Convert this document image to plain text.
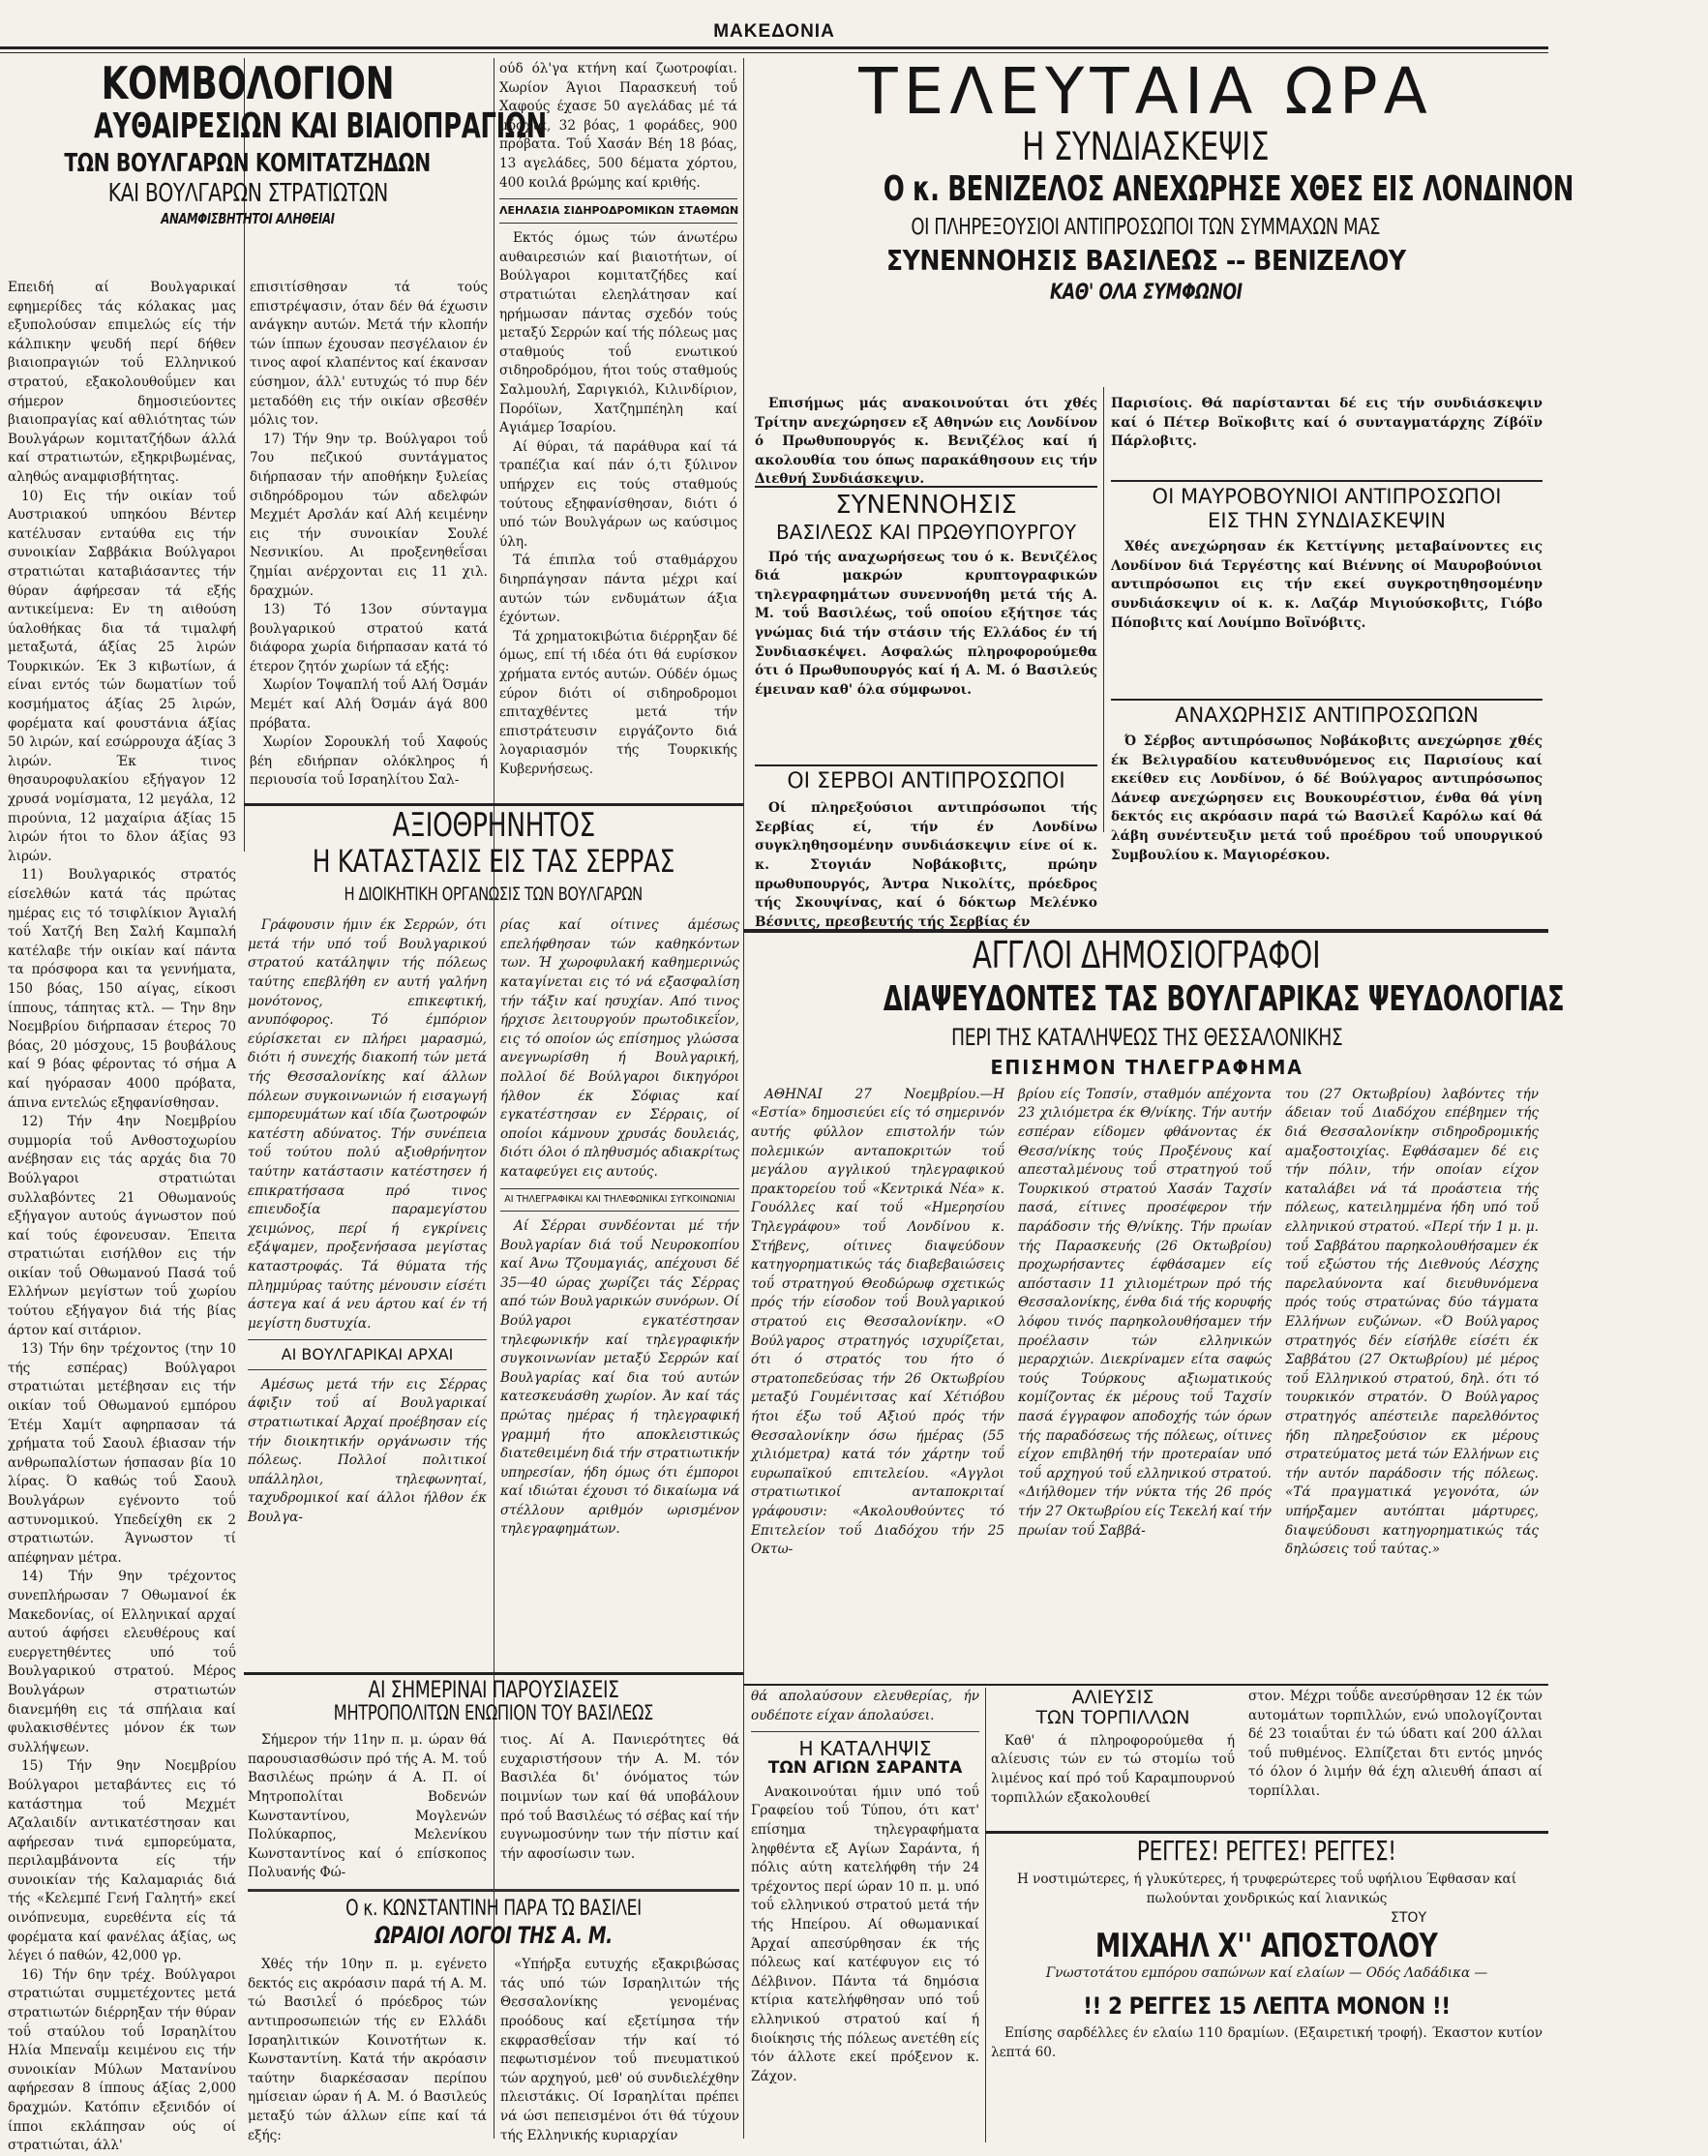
ΜΑΚΕΔΟΝΙΑ
ΚΟΜΒΟΛΟΓΙΟΝ
ΑΥΘΑΙΡΕΣΙΩΝ ΚΑΙ ΒΙΑΙΟΠΡΑΓΙΩΝ
ΤΩΝ ΒΟΥΛΓΑΡΩΝ ΚΟΜΙΤΑΤΖΗΔΩΝ
ΚΑΙ ΒΟΥΛΓΑΡΩΝ ΣΤΡΑΤΙΩΤΩΝ
ΑΝΑΜΦΙΣΒΗΤΗΤΟΙ ΑΛΗΘΕΙΑΙ

Επειδή αί Βουλγαρικαί εφημερίδες τάς κόλακας μας εξυπολούσαν επιμελώς είς τήν κάλπικην ψευδή περί δήθεν βιαιοπραγιών τοΰ Ελληνικού στρατού, εξακολουθοΰμεν και σήμερον δημοσιεύοντες βιαιοπραγίας καί αθλιότητας τών Βουλγάρων κομιτατζήδων άλλά καί στρατιωτών, εξηκριβωμένας, αληθώς αναμφισβήτητας.

10) Εις τήν οικίαν τοΰ Αυστριακού υπηκόου Βέντερ κατέλυσαν ενταύθα εις τήν συνοικίαν Σαββάκια Βούλγαροι στρατιώται καταβιάσαντες τήν θύραν άφήρεσαν τά εξής αντικείμενα: Εν τη αιθούση ύαλοθήκας δια τά τιμαλφή μεταξωτά, άξίας 25 λιρών Τουρκικών. Έκ 3 κιβωτίων, ά είναι εντός τών δωματίων τοΰ κοσμήματος άξίας 25 λιρών, φορέματα καί φουστάνια άξίας 50 λιρών, καί εσώρρουχα άξίας 3 λιρών. Έκ τινος θησαυροφυλακίου εξήγαγον 12 χρυσά νομίσματα, 12 μεγάλα, 12 πιρούνια, 12 μαχαίρια άξίας 15 λιρών ήτοι το δλον άξίας 93 λιρών.

11) Βουλγαρικός στρατός είσελθών κατά τάς πρώτας ημέρας εις τό τσιφλίκιον Άγιαλή τοΰ Χατζή Βεη Σαλή Καμπαλή κατέλαβε τήν οικίαν καί πάντα τα πρόσφορα και τα γεννήματα, 150 βόας, 150 αίγας, είκοσι ίππους, τάπητας κτλ. — Την 8ην Νοεμβρίου διήρπασαν έτερος 70 βόας, 20 μόσχους, 15 βουβάλους καί 9 βόας φέροντας τό σήμα Α καί ηγόρασαν 4000 πρόβατα, άπινα εντελώς εξηφανίσθησαν.

12) Τήν 4ην Νοεμβρίου συμμορία τοΰ Ανθοστοχωρίου ανέβησαν εις τάς αρχάς δια 70 Βούλγαροι στρατιώται συλλαβόντες 21 Οθωμανούς εξήγαγον αυτούς άγνωστον πού καί τούς έφονευσαν. Έπειτα στρατιώται εισήλθον εις τήν οικίαν τοΰ Οθωμανού Πασά τοΰ Ελλήνων μεγίστων τοΰ χωρίου τούτου εξήγαγον διά τής βίας άρτον καί σιτάριον.

13) Τήν 6ην τρέχοντος (την 10 τής εσπέρας) Βούλγαροι στρατιώται μετέβησαν εις τήν οικίαν τοΰ Οθωμανού εμπόρου Έτέμ Χαμίτ αφηρπασαν τά χρήματα τοΰ Σαουλ έβιασαν τήν ανθρωπαλίστων ήσπασαν βία 10 λίρας. Ό καθώς τοΰ Σαουλ Βουλγάρων εγένοντο τοΰ αστυνομικού. Υπεδείχθη εκ 2 στρατιωτών. Άγνωστον τί απέφηναν μέτρα.

14) Τήν 9ην τρέχοντος συνεπλήρωσαν 7 Οθωμανοί έκ Μακεδονίας, οί Ελληνικαί αρχαί αυτού άφήσει ελευθέρους καί ευεργετηθέντες υπό τοΰ Βουλγαρικού στρατού. Μέρος Βουλγάρων στρατιωτών διανεμήθη εις τά σπήλαια καί φυλακισθέντες μόνον έκ των συλλήψεων.

15) Τήν 9ην Νοεμβρίου Βούλγαροι μεταβάντες εις τό κατάστημα τοΰ Μεχμέτ Αζαλαιδίν αντικατέστησαν και αφήρεσαν τινά εμπορεύματα, περιλαμβάνοντα είς τήν συνοικίαν τής Καλαμαριάς διά τής «Κελεμπέ Γενή Γαλητή» εκεί οινόπνευμα, ευρεθέντα είς τά φορέματα καί φανέλας άξίας, ως λέγει ό παθών, 42,000 γρ.

16) Τήν 6ην τρέχ. Βούλγαροι στρατιώται συμμετέχοντες μετά στρατιωτών διέρρηξαν τήν θύραν τοΰ σταύλου τοΰ Ισραηλίτου Ηλία Μπεναΐμ κειμένου εις τήν συνοικίαν Μύλων Ματανίνου αφήρεσαν 8 ίππους άξίας 2,000 δραχμών. Κατόπιν εξενιδόν οί ίπποι εκλάπησαν ούς οί στρατιώται, άλλ'

επισιτίσθησαν τά τούς επιστρέψασιν, όταν δέν θά έχωσιν ανάγκην αυτών. Μετά τήν κλοπήν τών ίππων έχουσαν πεσγέλαιον έν τινος αφοί κλαπέντος καί έκανσαν εύσημον, άλλ' ευτυχώς τό πυρ δέν μεταδόθη εις τήν οικίαν σβεσθέν μόλις τον.

17) Τήν 9ην τρ. Βούλγαροι τοΰ 7ου πεζικού συντάγματος διήρπασαν τήν αποθήκην ξυλείας σιδηρόδρομου τών αδελφών Μεχμέτ Αρσλάν καί Αλή κειμένην εις τήν συνοικίαν Σουλέ Νεσνικίου. Αι προξενηθεΐσαι ζημίαι ανέρχονται εις 11 χιλ. δραχμών.

13) Τό 13ον σύνταγμα βουλγαρικού στρατού κατά διάφορα χωρία διήρπασαν κατά τό έτερον ζητόν χωρίων τά εξής:

Χωρίον Τοψαπλή τοΰ Αλή Όσμάν Μεμέτ καί Αλή Όσμάν άγά 800 πρόβατα.

Χωρίον Σορουκλή τοΰ Χαφούς βέη εδιήρπαν ολόκληρος ή περιουσία τοΰ Ισραηλίτου Σαλ-

ούδ όλ'γα κτήνη καί ζωοτροφίαι. Χωρίον Άγιοι Παρασκευή τοΰ Χαφούς έχασε 50 αγελάδας μέ τά μόσχια, 32 βόας, 1 φοράδες, 900 πρόβατα. Τοΰ Χασάν Βέη 18 βόας, 13 αγελάδες, 500 δέματα χόρτου, 400 κοιλά βρώμης καί κριθής.

ΛΕΗΛΑΣΙΑ ΣΙΔΗΡΟΔΡΟΜΙΚΩΝ ΣΤΑΘΜΩΝ

Εκτός όμως τών άνωτέρω αυθαιρεσιών καί βιαιοτήτων, οί Βούλγαροι κομιτατζήδες καί στρατιώται ελεηλάτησαν καί ηρήμωσαν πάντας σχεδόν τούς μεταξύ Σερρών καί τής πόλεως μας σταθμούς τοΰ ενωτικού σιδηροδρόμου, ήτοι τούς σταθμούς Σαλμουλή, Σαριγκιόλ, Κιλινδίριον, Πορόϊων, Χατζημπέηλη καί Αγιάμερ Ίσαρίου.

Αί θύραι, τά παράθυρα καί τά τραπέζια καί πάν ό,τι ξύλινον υπήρχεν εις τούς σταθμούς τούτους εξηφανίσθησαν, διότι ό υπό τών Βουλγάρων ως καύσιμος ύλη.

Τά έπιπλα τοΰ σταθμάρχου διηρπάγησαν πάντα μέχρι καί αυτών τών ενδυμάτων άξια έχόντων.

Τά χρηματοκιβώτια διέρρηξαν δέ όμως, επί τή ιδέα ότι θά ευρίσκον χρήματα εντός αυτών. Ούδέν όμως εύρον διότι οί σιδηροδρομοι επιταχθέντες μετά τήν επιστράτευσιν ειργάζοντο διά λογαριασμόν τής Τουρκικής Κυβερνήσεως.

ΑΞΙΟΘΡΗΝΗΤΟΣ
Η ΚΑΤΑΣΤΑΣΙΣ ΕΙΣ ΤΑΣ ΣΕΡΡΑΣ
Η ΔΙΟΙΚΗΤΙΚΗ ΟΡΓΑΝΩΣΙΣ ΤΩΝ ΒΟΥΛΓΑΡΩΝ

Γράφουσιν ήμιν έκ Σερρών, ότι μετά τήν υπό τοΰ Βουλγαρικού στρατού κατάληψιν τής πόλεως ταύτης επεβλήθη εν αυτή γαλήνη μονότονος, επικεφτική, ανυπόφορος. Τό έμπόριον εύρίσκεται εν πλήρει μαρασμώ, διότι ή συνεχής διακοπή τών μετά τής Θεσσαλονίκης καί άλλων πόλεων συγκοινωνιών ή εισαγωγή εμπορευμάτων καί ιδία ζωοτροφών κατέστη αδύνατος. Τήν συνέπεια τοΰ τούτου πολύ αξιοθρήνητον ταύτην κατάστασιν κατέστησεν ή επικρατήσασα πρό τινος επιευδοξία παραμεγίστου χειμώνος, περί ή εγκρίνεις εξάψαμεν, προξενήσασα μεγίστας καταστροφάς. Τά θύματα τής πλημμύρας ταύτης μένουσιν είσέτι άστεγα καί ά νευ άρτου καί έν τή μεγίστη δυστυχία.

ΑΙ ΒΟΥΛΓΑΡΙΚΑΙ ΑΡΧΑΙ

Αμέσως μετά τήν εις Σέρρας άφιξιν τοΰ αί Βουλγαρικαί στρατιωτικαί Άρχαί προέβησαν είς τήν διοικητικήν οργάνωσιν τής πόλεως. Πολλοί πολιτικοί υπάλληλοι, τηλεφωνηταί, ταχυδρομικοί καί άλλοι ήλθον έκ Βουλγα-

ρίας καί οίτινες άμέσως επελήφθησαν τών καθηκόντων των. Ή χωροφυλακή καθημερινώς καταγίνεται εις τό νά εξασφαλίση τήν τάξιν καί ησυχίαν. Από τινος ήρχισε λειτουργούν πρωτοδικεΐον, εις τό οποίον ώς επίσημος γλώσσα ανεγνωρίσθη ή Βουλγαρική, πολλοί δέ Βούλγαροι δικηγόροι ήλθον έκ Σόφιας καί εγκατέστησαν εν Σέρραις, οί οποίοι κάμνουν χρυσάς δουλειάς, διότι όλοι ό πληθυσμός αδιακρίτως καταφεύγει εις αυτούς.

ΑΙ ΤΗΛΕΓΡΑΦΙΚΑΙ ΚΑΙ ΤΗΛΕΦΩΝΙΚΑΙ ΣΥΓΚΟΙΝΩΝΙΑΙ

Αί Σέρραι συνδέονται μέ τήν Βουλγαρίαν διά τοΰ Νευροκοπίου καί Άνω Τζουμαγιάς, απέχουσι δέ 35—40 ώρας χωρίζει τάς Σέρρας από τών Βουλγαρικών συνόρων. Οί Βούλγαροι εγκατέστησαν τηλεφωνικήν καί τηλεγραφικήν συγκοινωνίαν μεταξύ Σερρών καί Βουλγαρίας καί δια τού αυτών κατεσκευάσθη χωρίον. Άν καί τάς πρώτας ημέρας ή τηλεγραφική γραμμή ήτο αποκλειστικώς διατεθειμένη διά τήν στρατιωτικήν υπηρεσίαν, ήδη όμως ότι έμποροι καί ιδιώται έχουσι τό δικαίωμα νά στέλλουν αριθμόν ωρισμένον τηλεγραφημάτων.

ΑΙ ΣΗΜΕΡΙΝΑΙ ΠΑΡΟΥΣΙΑΣΕΙΣ
ΜΗΤΡΟΠΟΛΙΤΩΝ ΕΝΩΠΙΟΝ ΤΟΥ ΒΑΣΙΛΕΩΣ

Σήμερον τήν 11ην π. μ. ώραν θά παρουσιασθώσιν πρό τής Α. Μ. τοΰ Βασιλέως πρώην ά Α. Π. οί Μητροπολίται Βοδενών Κωνσταντίνου, Μογλενών Πολύκαρπος, Μελενίκου Κωνσταντίνος καί ό επίσκοπος Πολυανής Φώ-

τιος. Αί Α. Πανιερότητες θά ευχαριστήσουν τήν Α. Μ. τόν Βασιλέα δι' όνόματος τών ποιμνίων των καί θά υποβάλουν πρό τοΰ Βασιλέως τό σέβας καί τήν ευγνωμοσύνην των τήν πίστιν καί τήν αφοσίωσιν των.

Ο κ. ΚΩΝΣΤΑΝΤΙΝΗ ΠΑΡΑ ΤΩ ΒΑΣΙΛΕΙ
ΩΡΑΙΟΙ ΛΟΓΟΙ ΤΗΣ Α. Μ.

Χθές τήν 10ην π. μ. εγένετο δεκτός εις ακρόασιν παρά τή Α. Μ. τώ Βασιλεΐ ό πρόεδρος τών αντιπροσωπειών τής εν Ελλάδι Ισραηλιτικών Κοινοτήτων κ. Κωνσταντίνη. Κατά τήν ακρόασιν ταύτην διαρκέσασαν περίπου ημίσειαν ώραν ή Α. Μ. ό Βασιλεύς μεταξύ τών άλλων είπε καί τά εξής:

«Υπήρξα ευτυχής εξακριβώσας τάς υπό τών Ισραηλιτών τής Θεσσαλονίκης γενομένας προόδους καί εξετίμησα τήν εκφρασθεΐσαν τήν καί τό πεφωτισμένον τοΰ πνευματικού τών αρχηγού, μεθ' ού συνδιελέχθην πλειστάκις. Οί Ισραηλίται πρέπει νά ώσι πεπεισμένοι ότι θά τύχουν τής Ελληνικής κυριαρχίαν

ΤΕΛΕΥΤΑΙΑ ΩΡΑ
Η ΣΥΝΔΙΑΣΚΕΨΙΣ
Ο κ. ΒΕΝΙΖΕΛΟΣ ΑΝΕΧΩΡΗΣΕ ΧΘΕΣ ΕΙΣ ΛΟΝΔΙΝΟΝ
ΟΙ ΠΛΗΡΕΞΟΥΣΙΟΙ ΑΝΤΙΠΡΟΣΩΠΟΙ ΤΩΝ ΣΥΜΜΑΧΩΝ ΜΑΣ
ΣΥΝΕΝΝΟΗΣΙΣ ΒΑΣΙΛΕΩΣ -- ΒΕΝΙΖΕΛΟΥ
ΚΑΘ' ΟΛΑ ΣΥΜΦΩΝΟΙ

Επισήμως μάς ανακοινούται ότι χθές Τρίτην ανεχώρησεν εξ Αθηνών εις Λονδίνον ό Πρωθυπουργός κ. Βενιζέλος καί ή ακολουθία του όπως παρακάθησουν εις τήν Διεθνή Συνδιάσκεψιν.

ΣΥΝΕΝΝΟΗΣΙΣ
ΒΑΣΙΛΕΩΣ ΚΑΙ ΠΡΩΘΥΠΟΥΡΓΟΥ

Πρό τής αναχωρήσεως του ό κ. Βενιζέλος διά μακρών κρυπτογραφικών τηλεγραφημάτων συνεννοήθη μετά τής Α. Μ. τοΰ Βασιλέως, τοΰ οποίου εξήτησε τάς γνώμας διά τήν στάσιν τής Ελλάδος έν τή Συνδιασκέψει. Ασφαλώς πληροφορούμεθα ότι ό Πρωθυπουργός καί ή Α. Μ. ό Βασιλεύς έμειναν καθ' όλα σύμφωνοι.

ΟΙ ΣΕΡΒΟΙ ΑΝΤΙΠΡΟΣΩΠΟΙ

Οί πληρεξούσιοι αντιπρόσωποι τής Σερβίας εί, τήν έν Λονδίνω συγκληθησομένην συνδιάσκεψιν είνε οί κ. κ. Στογιάν Νοβάκοβιτς, πρώην πρωθυπουργός, Άντρα Νικολίτς, πρόεδρος τής Σκουψίνας, καί ό δόκτωρ Μελένκο Βέσνιτς, πρεσβευτής τής Σερβίας έν

Παρισίοις. Θά παρίστανται δέ εις τήν συνδιάσκεψιν καί ό Πέτερ Βοϊκοβιτς καί ό συνταγματάρχης Ζίβόϊν Πάρλοβιτς.

ΟΙ ΜΑΥΡΟΒΟΥΝΙΟΙ ΑΝΤΙΠΡΟΣΩΠΟΙ
ΕΙΣ ΤΗΝ ΣΥΝΔΙΑΣΚΕΨΙΝ

Χθές ανεχώρησαν έκ Κεττίγνης μεταβαίνοντες εις Λονδίνον διά Τεργέστης καί Βιέννης οί Μαυροβούνιοι αντιπρόσωποι εις τήν εκεί συγκροτηθησομένην συνδιάσκεψιν οί κ. κ. Λαζάρ Μιγιούσκοβιτς, Γιόβο Πόποβιτς καί Λουίμπο Βοϊνόβιτς.

ΑΝΑΧΩΡΗΣΙΣ ΑΝΤΙΠΡΟΣΩΠΩΝ

Ό Σέρβος αντιπρόσωπος Νοβάκοβιτς ανεχώρησε χθές έκ Βελιγραδίου κατευθυνόμενος εις Παρισίους καί εκείθεν εις Λονδίνον, ό δέ Βούλγαρος αντιπρόσωπος Δάνεφ ανεχώρησεν εις Βουκουρέστιον, ένθα θά γίνη δεκτός εις ακρόασιν παρά τώ Βασιλεΐ Καρόλω καί θά λάβη συνέντευξιν μετά τοΰ προέδρου τοΰ υπουργικού Συμβουλίου κ. Μαγιορέσκου.

ΑΓΓΛΟΙ ΔΗΜΟΣΙΟΓΡΑΦΟΙ
ΔΙΑΨΕΥΔΟΝΤΕΣ ΤΑΣ ΒΟΥΛΓΑΡΙΚΑΣ ΨΕΥΔΟΛΟΓΙΑΣ
ΠΕΡΙ ΤΗΣ ΚΑΤΑΛΗΨΕΩΣ ΤΗΣ ΘΕΣΣΑΛΟΝΙΚΗΣ
ΕΠΙΣΗΜΟΝ ΤΗΛΕΓΡΑΦΗΜΑ

ΑΘΗΝΑΙ 27 Νοεμβρίου.—Η «Εστία» δημοσιεύει είς τό σημερινόν αυτής φύλλον επιστολήν τών πολεμικών ανταποκριτών τοΰ μεγάλου αγγλικού τηλεγραφικού πρακτορείου τοΰ «Κεντρικά Νέα» κ. Γουόλλες καί τοΰ «Ημερησίου Τηλεγράφου» τοΰ Λονδίνου κ. Στήβενς, οίτινες διαψεύδουν κατηγορηματικώς τάς διαβεβαιώσεις τοΰ στρατηγού Θεοδώρωφ σχετικώς πρός τήν είσοδον τοΰ Βουλγαρικού στρατού εις Θεσσαλονίκην. «Ο Βούλγαρος στρατηγός ισχυρίζεται, ότι ό στρατός του ήτο ό στρατοπεδεύσας τήν 26 Οκτωβρίου μεταξύ Γουμένιτσας καί Χέτιόβου ήτοι έξω τοΰ Αξιού πρός τήν Θεσσαλονίκην όσω ήμέρας (55 χιλιόμετρα) κατά τόν χάρτην τοΰ ευρωπαϊκού επιτελείου. «Αγγλοι στρατιωτικοί ανταποκριταί γράφουσιν: «Ακολουθούντες τό Επιτελείον τοΰ Διαδόχου τήν 25 Οκτω-

βρίου είς Τοπσίν, σταθμόν απέχοντα 23 χιλιόμετρα έκ Θ/νίκης. Τήν αυτήν εσπέραν είδομεν φθάνοντας έκ Θεσσ/νίκης τούς Προξένους καί απεσταλμένους τοΰ στρατηγού τοΰ Τουρκικού στρατού Χασάν Ταχσίν πασά, είτινες προσέφερον τήν παράδοσιν τής Θ/νίκης. Τήν πρωίαν τής Παρασκευής (26 Οκτωβρίου) προχωρήσαντες έφθάσαμεν είς απόστασιν 11 χιλιομέτρων πρό τής Θεσσαλονίκης, ένθα διά τής κορυφής λόφου τινός παρηκολουθήσαμεν τήν προέλασιν τών ελληνικών μεραρχιών. Διεκρίναμεν είτα σαφώς τούς Τούρκους αξιωματικούς κομίζοντας έκ μέρους τοΰ Ταχσίν πασά έγγραφον αποδοχής τών όρων τής παραδόσεως τής πόλεως, οίτινες είχον επιβληθή τήν προτεραίαν υπό τοΰ αρχηγού τοΰ ελληνικού στρατού. «Διήλθομεν τήν νύκτα τής 26 πρός τήν 27 Οκτωβρίου είς Τεκελή καί τήν πρωίαν τοΰ Σαββά-

του (27 Οκτωβρίου) λαβόντες τήν άδειαν τοΰ Διαδόχου επέβημεν τής διά Θεσσαλονίκην σιδηροδρομικής αμαξοστοιχίας. Εφθάσαμεν δέ εις τήν πόλιν, τήν οποίαν είχον καταλάβει νά τά προάστεια τής πόλεως, κατειλημμένα ήδη υπό τοΰ ελληνικού στρατού. «Περί τήν 1 μ. μ. τοΰ Σαββάτου παρηκολουθήσαμεν έκ τοΰ εξώστου τής Διεθνούς Λέσχης παρελαύνοντα καί διευθυνόμενα πρός τούς στρατώνας δύο τάγματα Ελλήνων ευζώνων. «Ό Βούλγαρος στρατηγός δέν είσήλθε είσέτι έκ Σαββάτου (27 Οκτωβρίου) μέ μέρος τοΰ Ελληνικού στρατού, δηλ. ότι τό τουρκικόν στρατόν. Ό Βούλγαρος στρατηγός απέστειλε παρελθόντος ήδη πληρεξούσιον εκ μέρους στρατεύματος μετά τών Ελλήνων εις τήν αυτόν παράδοσιν τής πόλεως. «Τά πραγματικά γεγονότα, ών υπήρξαμεν αυτόπται μάρτυρες, διαψεύδουσι κατηγορηματικώς τάς δηλώσεις τοΰ ταύτας.»

θά απολαύσουν ελευθερίας, ήν ουδέποτε είχαν άπολαύσει.

Η ΚΑΤΑΛΗΨΙΣ
ΤΩΝ ΑΓΙΩΝ ΣΑΡΑΝΤΑ

Ανακοινούται ήμιν υπό τοΰ Γραφείου τοΰ Τύπου, ότι κατ' επίσημα τηλεγραφήματα ληφθέντα εξ Αγίων Σαράντα, ή πόλις αύτη κατελήφθη τήν 24 τρέχοντος περί ώραν 10 π. μ. υπό τοΰ ελληνικού στρατού μετά τήν τής Ηπείρου. Αί οθωμανικαί Άρχαί απεσύρθησαν έκ τής πόλεως καί κατέφυγον εις τό Δέλβινον. Πάντα τά δημόσια κτίρια κατελήφθησαν υπό τοΰ ελληνικού στρατού καί ή διοίκησις τής πόλεως ανετέθη είς τόν άλλοτε εκεί πρόξενον κ. Ζάχον.

ΑΛΙΕΥΣΙΣ
ΤΩΝ ΤΟΡΠΙΛΛΩΝ

Καθ' ά πληροφορούμεθα ή αλίευσις τών εν τώ στομίω τοΰ λιμένος καί πρό τοΰ Καραμπουρνού τορπιλλών εξακολουθεί

στον. Μέχρι τοΰδε ανεσύρθησαν 12 έκ τών αυτομάτων τορπιλλών, ενώ υπολογίζονται δέ 23 τοιαΰται έν τώ ύδατι καί 200 άλλαι τοΰ πυθμένος. Ελπίζεται δτι εντός μηνός τό όλον ό λιμήν θά έχη αλιευθή άπασι αί τορπίλλαι.

ΡΕΓΓΕΣ! ΡΕΓΓΕΣ! ΡΕΓΓΕΣ!

Η νοστιμώτερες, ή γλυκύτερες, ή τρυφερώτερες τοΰ υφήλιου Έφθασαν καί πωλούνται χονδρικώς καί λιανικώς

ΣΤΟΥ
ΜΙΧΑΗΛ Χ'' ΑΠΟΣΤΟΛΟΥ

Γνωστοτάτου εμπόρου σαπώνων καί ελαίων — Οδός Λαδάδικα —

!! 2 ΡΕΓΓΕΣ 15 ΛΕΠΤΑ ΜΟΝΟΝ !!

Επίσης σαρδέλλες έν ελαίω 110 δραμίων. (Εξαιρετική τροφή). Έκαστον κυτίον λεπτά 60.
